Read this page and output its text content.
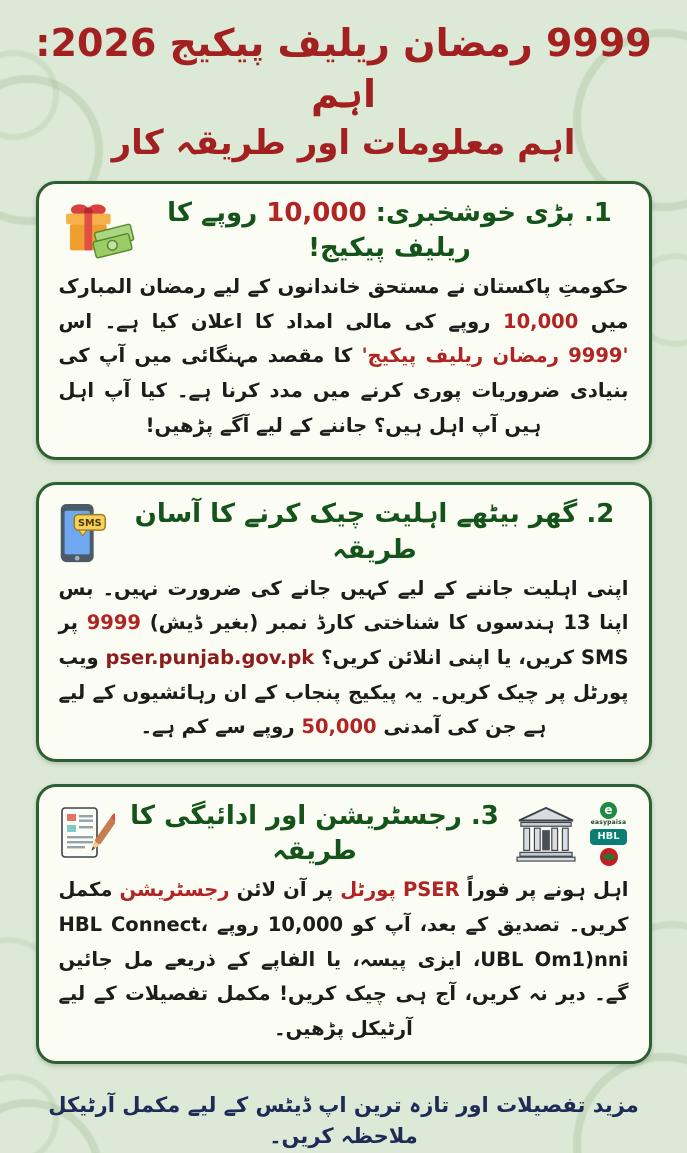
9999 رمضان ریلیف پیکیج 2026: اہم
اہم معلومات اور طریقہ کار
1. بڑی خوشخبری: 10,000 روپے کا ریلیف پیکیج!

حکومتِ پاکستان نے مستحق خاندانوں کے لیے رمضان المبارک میں 10,000 روپے کی مالی امداد کا اعلان کیا ہے۔ اس '9999 رمضان ریلیف پیکیج' کا مقصد مہنگائی میں آپ کی بنیادی ضروریات پوری کرنے میں مدد کرنا ہے۔ کیا آپ اہل ہیں آپ اہل ہیں؟ جاننے کے لیے آگے پڑھیں!

SMS	2. گھر بیٹھے اہلیت چیک کرنے کا آسان طریقہ

اپنی اہلیت جاننے کے لیے کہیں جانے کی ضرورت نہیں۔ بس اپنا 13 ہندسوں کا شناختی کارڈ نمبر (بغیر ڈیش) 9999 پر SMS کریں، یا اپنی انلائن کریں؟ pser.punjab.gov.pk ویب پورٹل پر چیک کریں۔ یہ پیکیج پنجاب کے ان رہائشیوں کے لیے ہے جن کی آمدنی 50,000 روپے سے کم ہے۔

3. رجسٹریشن اور ادائیگی کا طریقہ
e
easypaisa
HBL

اہل ہونے پر فوراً PSER پورٹل پر آن لائن رجسٹریشن مکمل کریں۔ تصدیق کے بعد، آپ کو 10,000 روپے HBL Connect، UBL Om1)nni، ایزی پیسہ، یا الفاپے کے ذریعے مل جائیں گے۔ دیر نہ کریں، آج ہی چیک کریں! مکمل تفصیلات کے لیے آرٹیکل پڑھیں۔

مزید تفصیلات اور تازہ ترین اپ ڈیٹس کے لیے مکمل آرٹیکل ملاحظہ کریں۔
